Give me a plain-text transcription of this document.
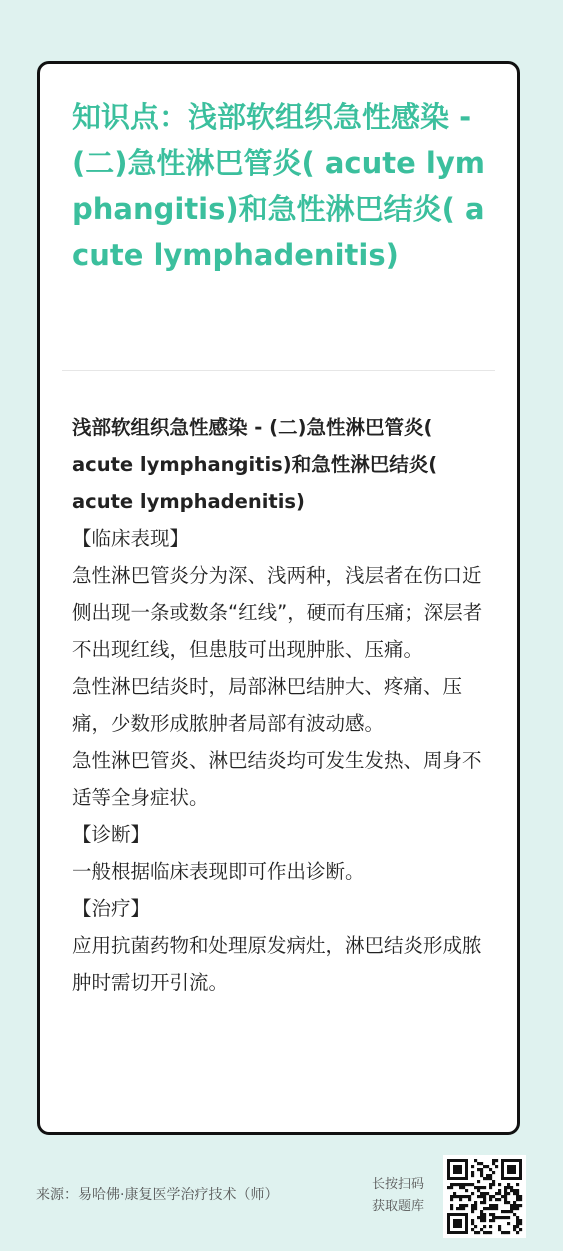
知识点：浅部软组织急性感染 - (二)急性淋巴管炎( acute lymphangitis)和急性淋巴结炎( acute lymphadenitis)

浅部软组织急性感染 - (二)急性淋巴管炎( acute lymphangitis)和急性淋巴结炎( acute lymphadenitis)

【临床表现】

急性淋巴管炎分为深、浅两种，浅层者在伤口近侧出现一条或数条“红线”，硬而有压痛；深层者不出现红线，但患肢可出现肿胀、压痛。

急性淋巴结炎时，局部淋巴结肿大、疼痛、压痛，少数形成脓肿者局部有波动感。

急性淋巴管炎、淋巴结炎均可发生发热、周身不适等全身症状。

【诊断】

一般根据临床表现即可作出诊断。

【治疗】

应用抗菌药物和处理原发病灶，淋巴结炎形成脓肿时需切开引流。

来源：易哈佛·康复医学治疗技术（师）
长按扫码
获取题库
